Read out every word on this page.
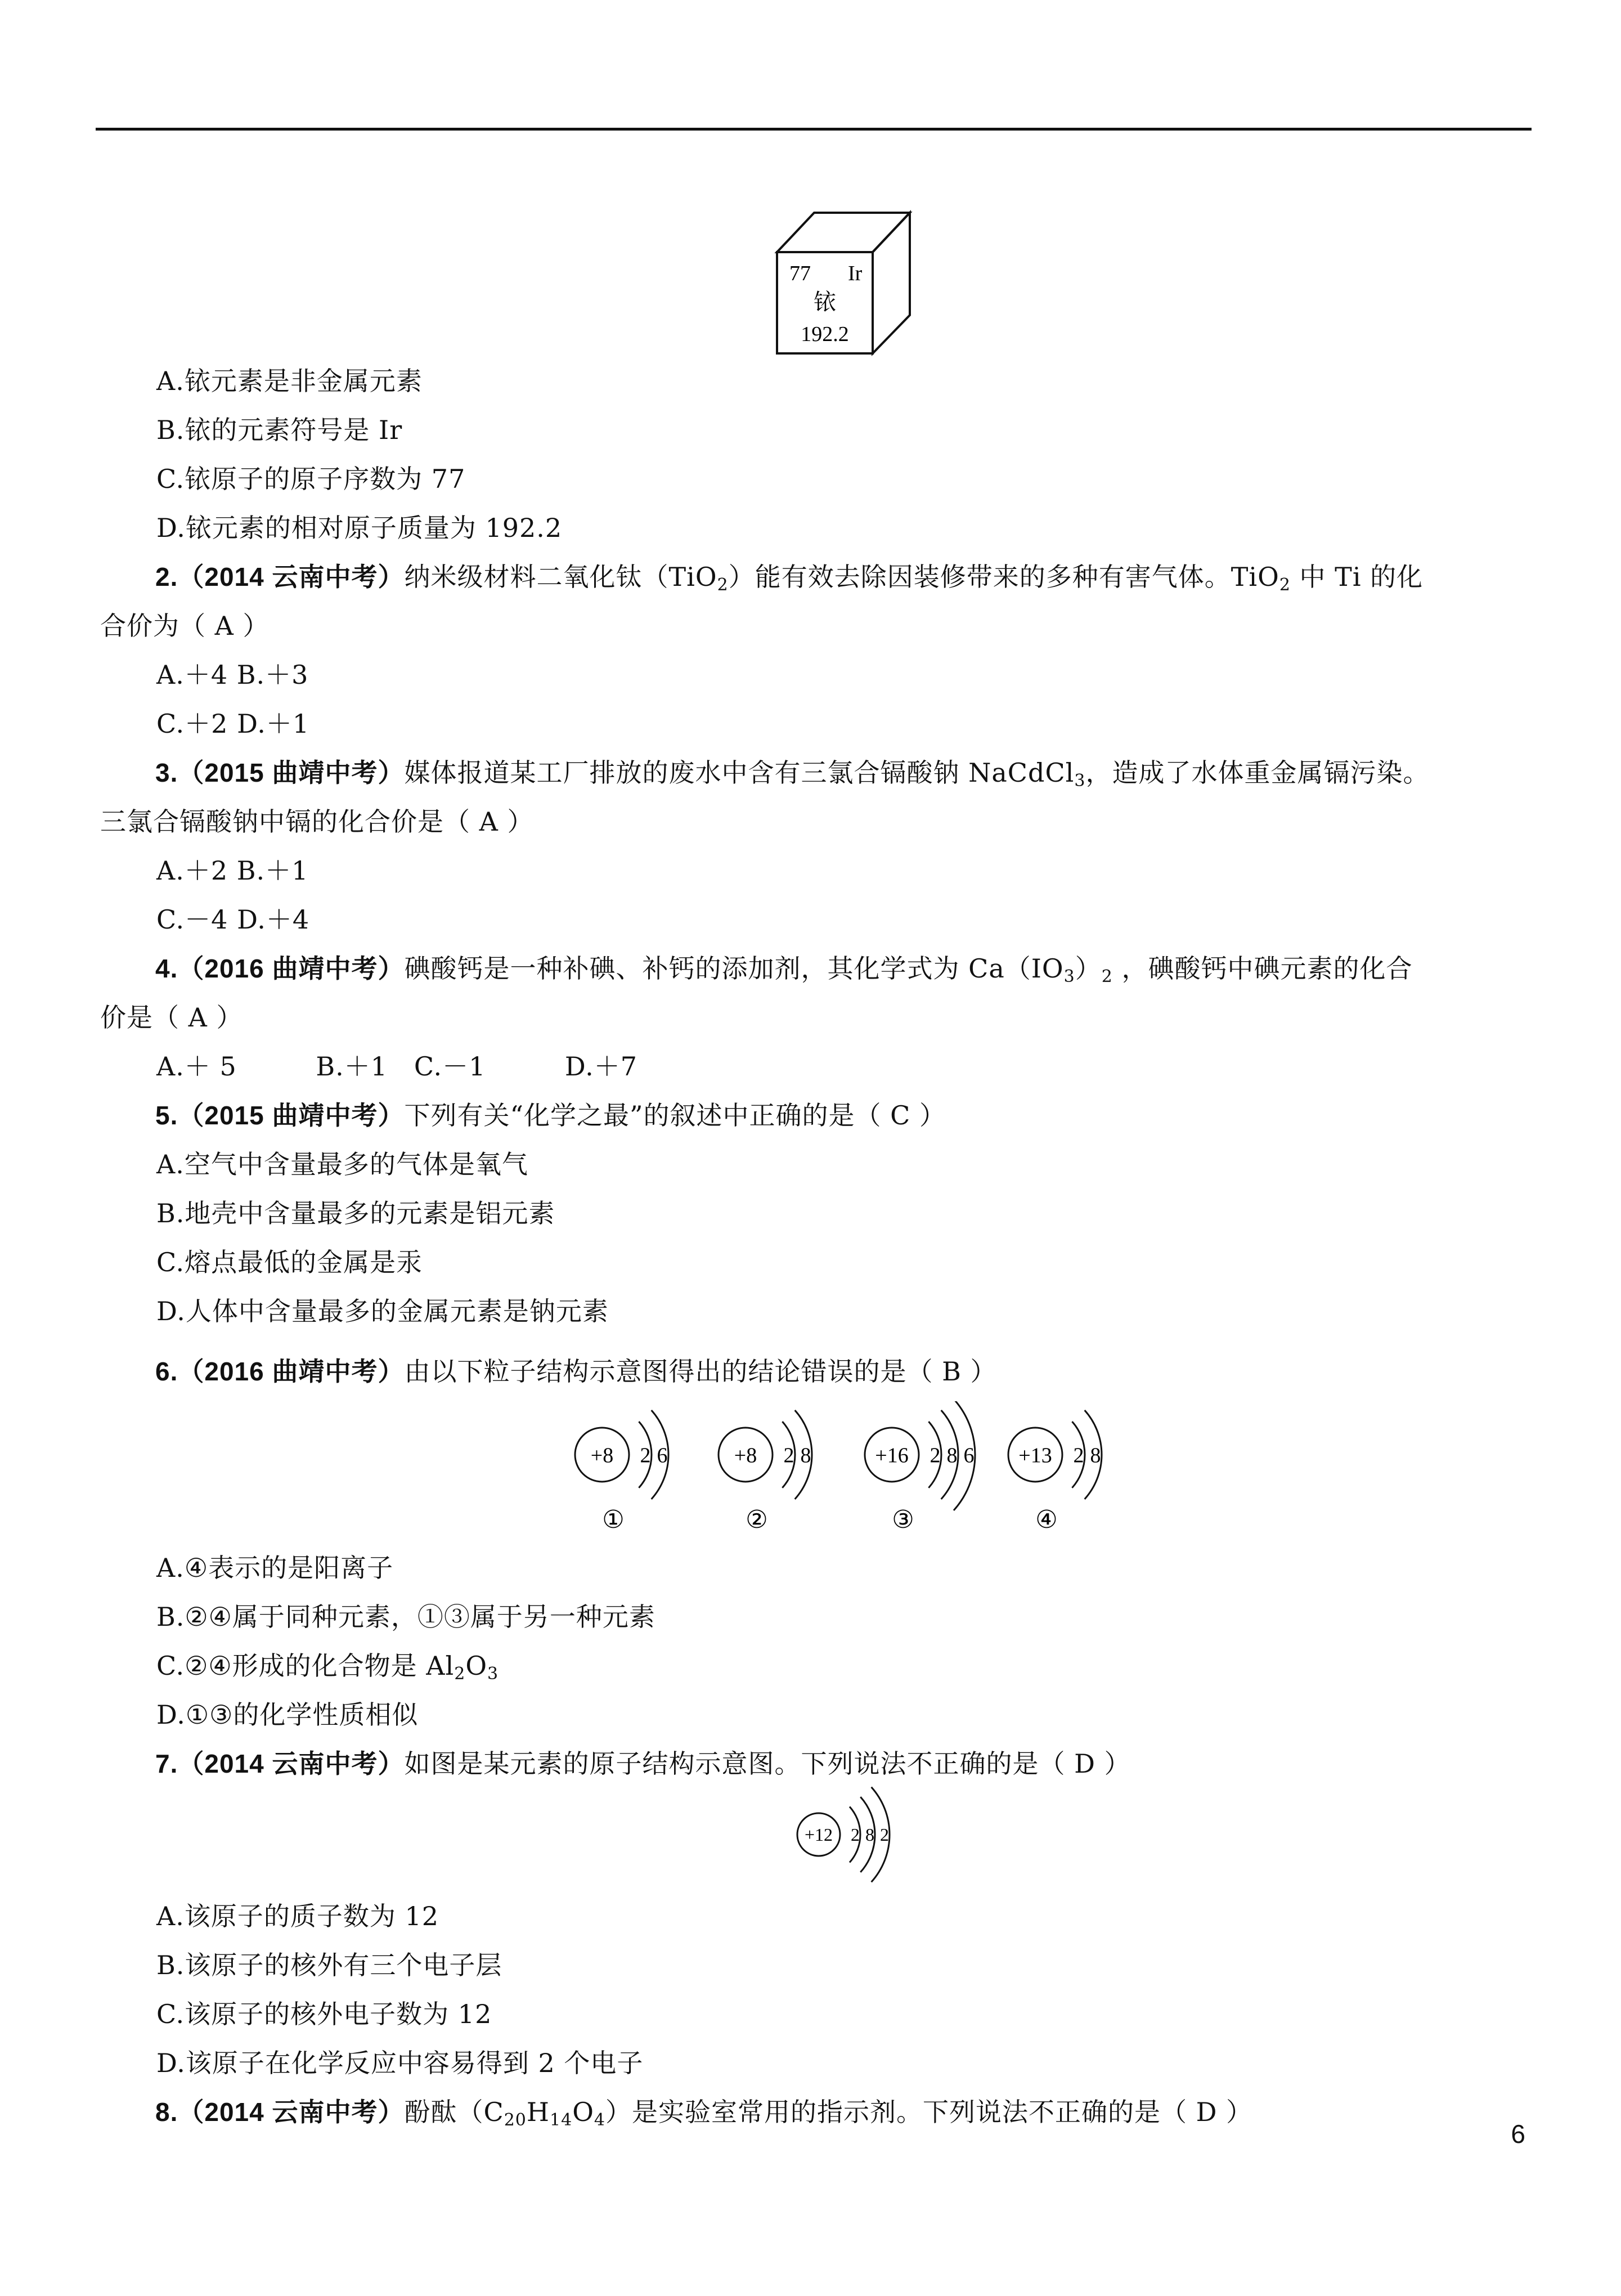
77 Ir
铱
192.2
A.铱元素是非金属元素
B.铱的元素符号是 Ir
C.铱原子的原子序数为 77
D.铱元素的相对原子质量为 192.2
2.（2014 云南中考）纳米级材料二氧化钛（TiO$_2$）能有效去除因装修带来的多种有害气体。TiO$_2$ 中 Ti 的化
合价为（ A ）
A.＋4 B.＋3
C.＋2 D.＋1
3.（2015 曲靖中考）媒体报道某工厂排放的废水中含有三氯合镉酸钠 NaCdCl$_3$，造成了水体重金属镉污染。
三氯合镉酸钠中镉的化合价是（ A ）
A.＋2 B.＋1
C.－4 D.＋4
4.（2016 曲靖中考）碘酸钙是一种补碘、补钙的添加剂，其化学式为 $Ca(IO_3)_2$ ，碘酸钙中碘元素的化合
价是（ A ）
A.＋ 5         B.＋1   C.－1         D.＋7
5.（2015 曲靖中考）下列有关“化学之最”的叙述中正确的是（ C ）
A.空气中含量最多的气体是氧气
B.地壳中含量最多的元素是铝元素
C.熔点最低的金属是汞
D.人体中含量最多的金属元素是钠元素
6.（2016 曲靖中考）由以下粒子结构示意图得出的结论错误的是（ B ）
A.④表示的是阳离子
B.②④属于同种元素，①③属于另一种元素
C.②④形成的化合物是 $Al_2O_3$
D.①③的化学性质相似
7.（2014 云南中考）如图是某元素的原子结构示意图。下列说法不正确的是（ D ）
A.该原子的质子数为 12
B.该原子的核外有三个电子层
C.该原子的核外电子数为 12
D.该原子在化学反应中容易得到 2 个电子
8.（2014 云南中考）酚酞$(C_{20}H_{14}O_4)$是实验室常用的指示剂。下列说法不正确的是（ D ）
+8 2 6
①
+8 2 8
②
+16 2 8 6
③
+13 2 8
④
+12 2 8 2
6
